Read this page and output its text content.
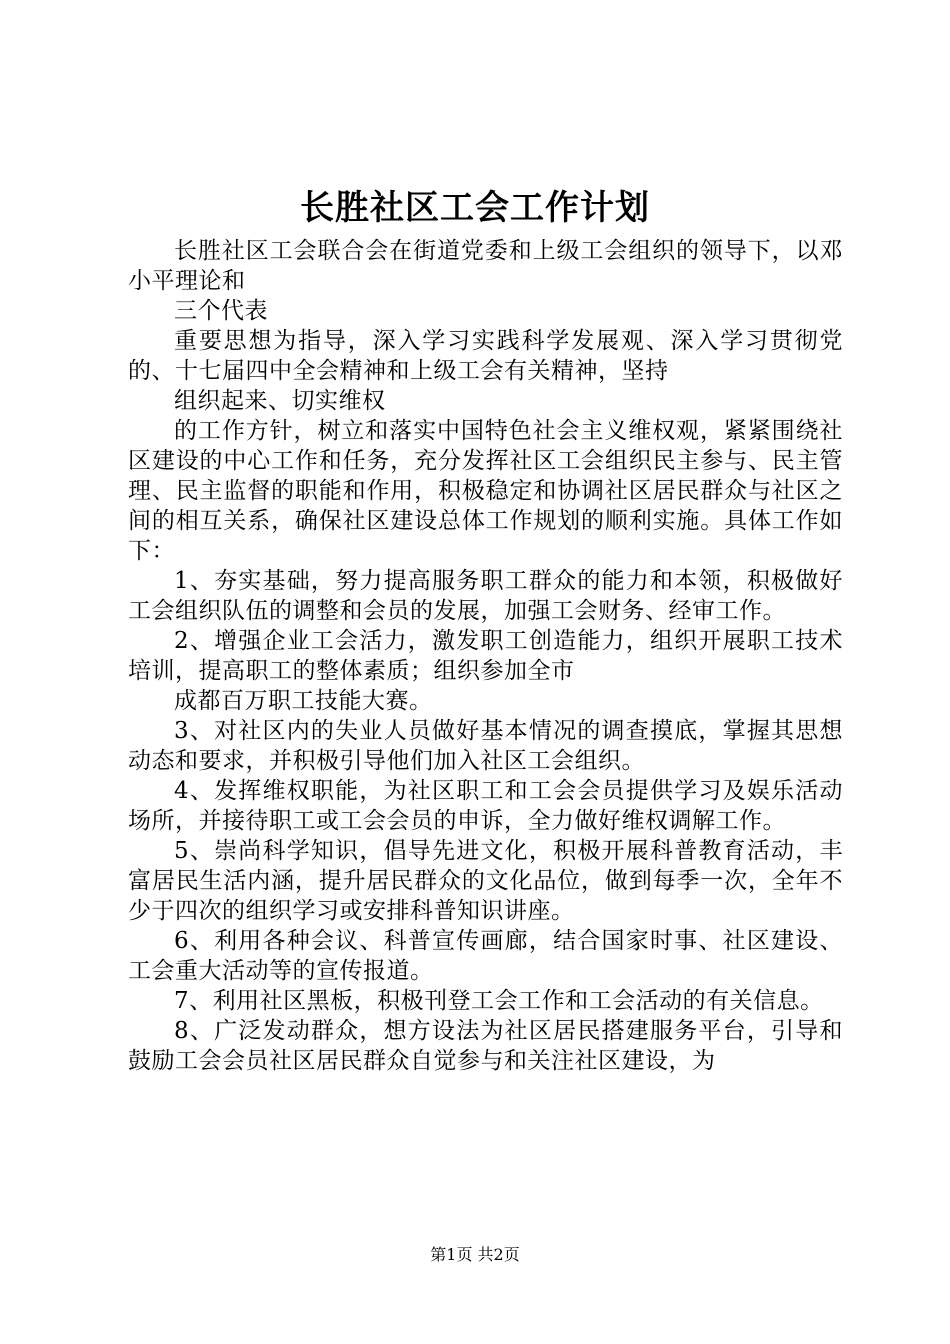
长胜社区工会工作计划

长胜社区工会联合会在街道党委和上级工会组织的领导下，以邓小平理论和

三个代表

重要思想为指导，深入学习实践科学发展观、深入学习贯彻党的、十七届四中全会精神和上级工会有关精神，坚持

组织起来、切实维权

的工作方针，树立和落实中国特色社会主义维权观，紧紧围绕社区建设的中心工作和任务，充分发挥社区工会组织民主参与、民主管理、民主监督的职能和作用，积极稳定和协调社区居民群众与社区之间的相互关系，确保社区建设总体工作规划的顺利实施。具体工作如下：

1、夯实基础，努力提高服务职工群众的能力和本领，积极做好工会组织队伍的调整和会员的发展，加强工会财务、经审工作。

2、增强企业工会活力，激发职工创造能力，组织开展职工技术培训，提高职工的整体素质；组织参加全市

成都百万职工技能大赛。

3、对社区内的失业人员做好基本情况的调查摸底，掌握其思想动态和要求，并积极引导他们加入社区工会组织。

4、发挥维权职能，为社区职工和工会会员提供学习及娱乐活动场所，并接待职工或工会会员的申诉，全力做好维权调解工作。

5、崇尚科学知识，倡导先进文化，积极开展科普教育活动，丰富居民生活内涵，提升居民群众的文化品位，做到每季一次，全年不少于四次的组织学习或安排科普知识讲座。

6、利用各种会议、科普宣传画廊，结合国家时事、社区建设、工会重大活动等的宣传报道。

7、利用社区黑板，积极刊登工会工作和工会活动的有关信息。

8、广泛发动群众，想方设法为社区居民搭建服务平台，引导和鼓励工会会员社区居民群众自觉参与和关注社区建设，为

第1页 共2页
